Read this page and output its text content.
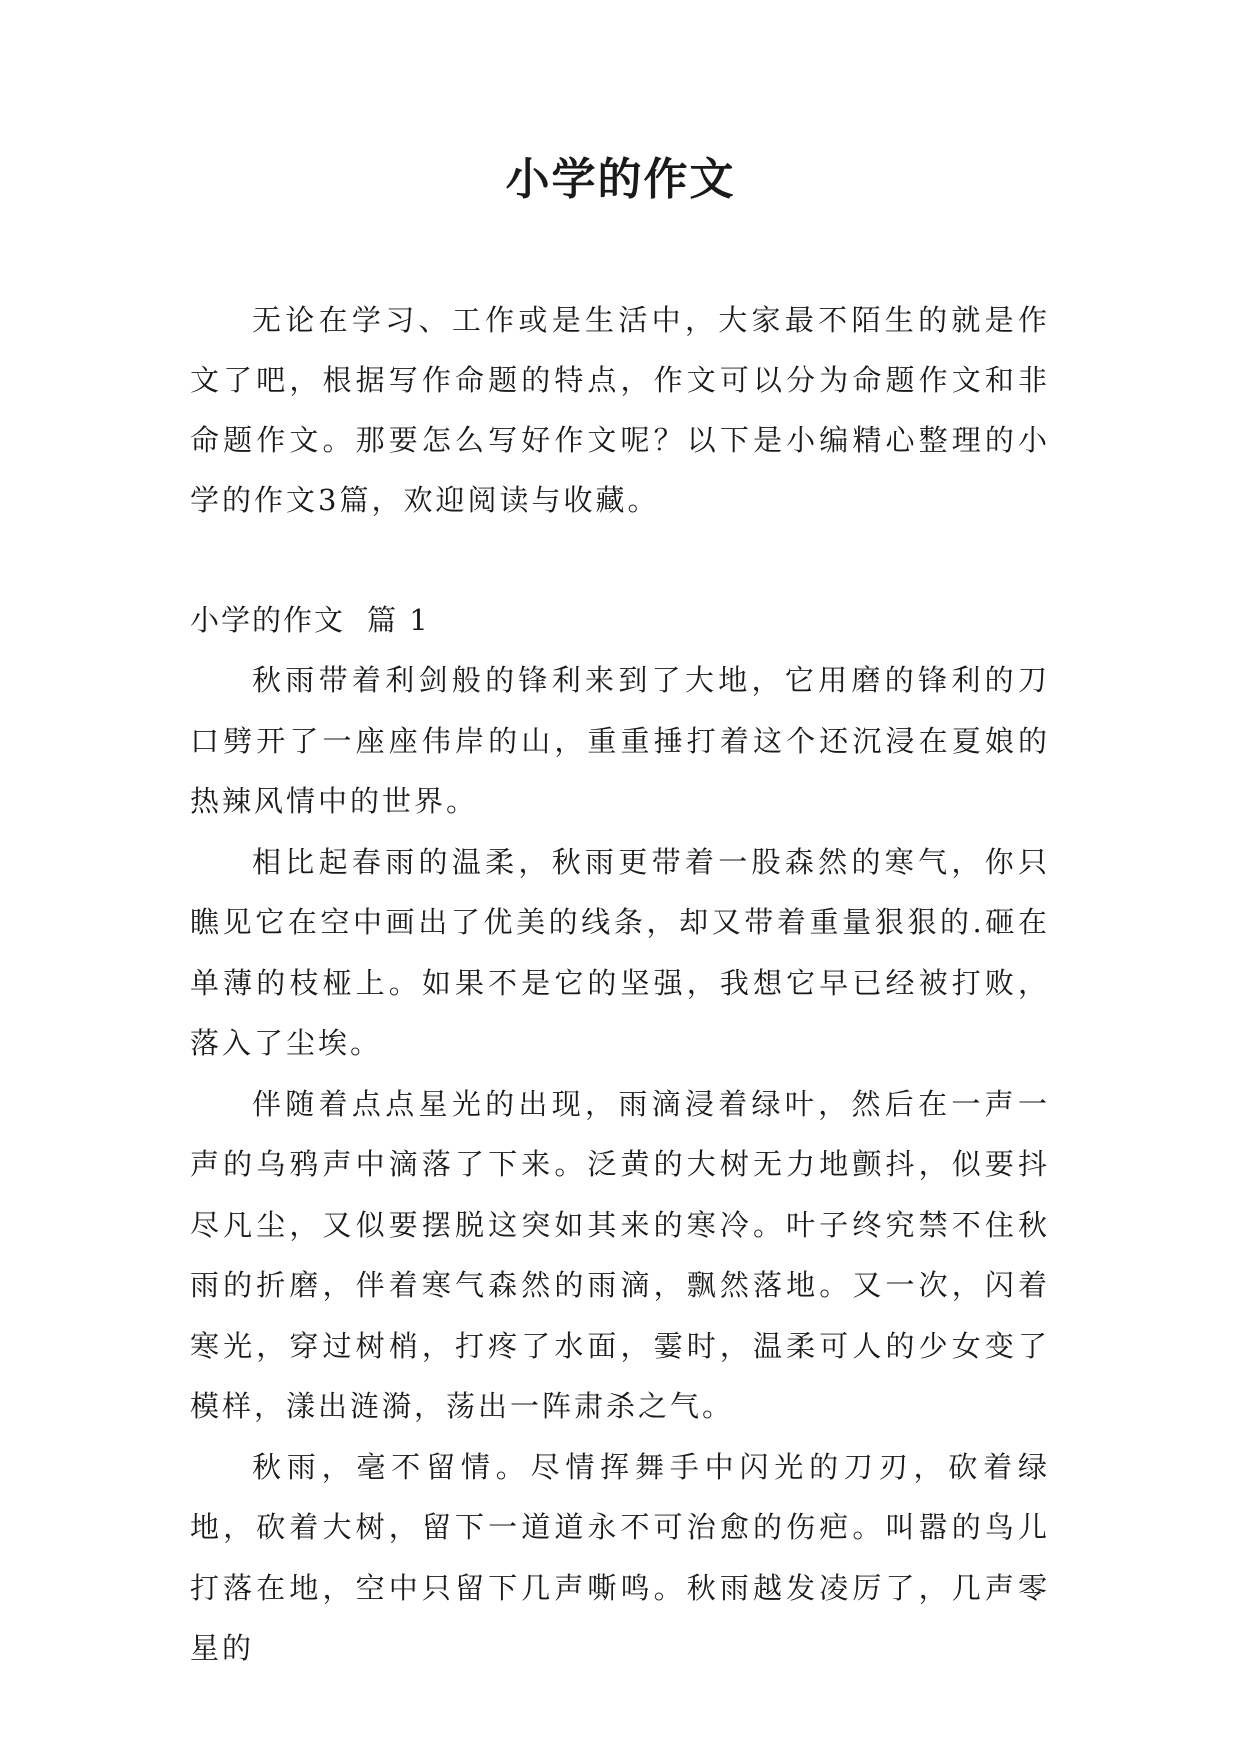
小学的作文

无论在学习、工作或是生活中，大家最不陌生的就是作文了吧，根据写作命题的特点，作文可以分为命题作文和非命题作文。那要怎么写好作文呢？以下是小编精心整理的小学的作文3篇，欢迎阅读与收藏。

小学的作文 篇 1

秋雨带着利剑般的锋利来到了大地，它用磨的锋利的刀口劈开了一座座伟岸的山，重重捶打着这个还沉浸在夏娘的热辣风情中的世界。

相比起春雨的温柔，秋雨更带着一股森然的寒气，你只瞧见它在空中画出了优美的线条，却又带着重量狠狠的.砸在单薄的枝桠上。如果不是它的坚强，我想它早已经被打败，落入了尘埃。

伴随着点点星光的出现，雨滴浸着绿叶，然后在一声一声的乌鸦声中滴落了下来。泛黄的大树无力地颤抖，似要抖尽凡尘，又似要摆脱这突如其来的寒冷。叶子终究禁不住秋雨的折磨，伴着寒气森然的雨滴，飘然落地。又一次，闪着寒光，穿过树梢，打疼了水面，霎时，温柔可人的少女变了模样，漾出涟漪，荡出一阵肃杀之气。

秋雨，毫不留情。尽情挥舞手中闪光的刀刃，砍着绿地，砍着大树，留下一道道永不可治愈的伤疤。叫嚣的鸟儿打落在地，空中只留下几声嘶鸣。秋雨越发凌厉了，几声零星的
